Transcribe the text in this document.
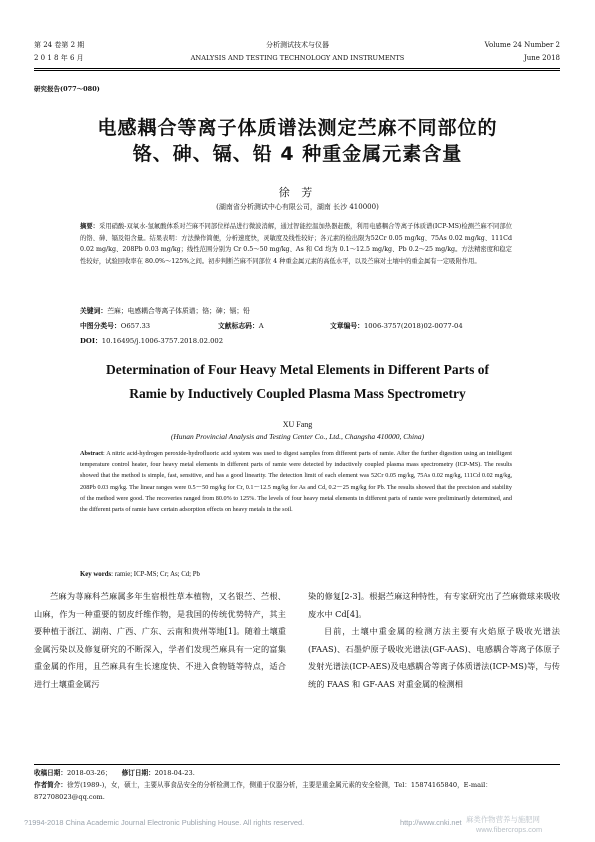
第 24 卷第 2 期
2 0 1 8 年 6 月
分析测试技术与仪器
ANALYSIS AND TESTING TECHNOLOGY AND INSTRUMENTS
Volume 24 Number 2
June 2018
研究报告(077～080)
电感耦合等离子体质谱法测定苎麻不同部位的
铬、砷、镉、铅 4 种重金属元素含量
徐 芳
(湖南省分析测试中心有限公司，湖南 长沙 410000)
摘要：采用硝酸-双氧水-氢氟酸体系对苎麻不同部位样品进行微波消解，通过智能控温加热器赶酸，利用电感耦合等离子体质谱(ICP-MS)检测苎麻不同部位的铬、砷、镉及铅含量。结果表明：方法操作简便，分析速度快，灵敏度及线性较好；各元素的检出限为52Cr 0.05 mg/kg、75As 0.02 mg/kg、111Cd 0.02 mg/kg、208Pb 0.03 mg/kg；线性范围分别为 Cr 0.5～50 mg/kg、As 和 Cd 均为 0.1～12.5 mg/kg、Pb 0.2～25 mg/kg。方法精密度和稳定性较好，试验回收率在 80.0%～125%之间。初步判断苎麻不同部位 4 种重金属元素的高低水平，以及苎麻对土壤中的重金属有一定吸附作用。
关键词：苎麻；电感耦合等离子体质谱；铬；砷；镉；铅
中图分类号：O657.33	文献标志码：A	文章编号：1006-3757(2018)02-0077-04
DOI：10.16495/j.1006-3757.2018.02.002
Determination of Four Heavy Metal Elements in Different Parts of
Ramie by Inductively Coupled Plasma Mass Spectrometry
XU Fang
(Hunan Provincial Analysis and Testing Center Co., Ltd., Changsha 410000, China)
Abstract: A nitric acid-hydrogen peroxide-hydrofluoric acid system was used to digest samples from different parts of ramie. After the further digestion using an intelligent temperature control heater, four heavy metal elements in different parts of ramie were detected by inductively coupled plasma mass spectrometry (ICP-MS). The results showed that the method is simple, fast, sensitive, and has a good linearity. The detection limit of each element was 52Cr 0.05 mg/kg, 75As 0.02 mg/kg, 111Cd 0.02 mg/kg, 208Pb 0.03 mg/kg. The linear ranges were 0.5～50 mg/kg for Cr, 0.1～12.5 mg/kg for As and Cd, 0.2～25 mg/kg for Pb. The results showed that the precision and stability of the method were good. The recoveries ranged from 80.0% to 125%. The levels of four heavy metal elements in different parts of ramie were preliminarily determined, and the different parts of ramie have certain adsorption effects on heavy metals in the soil.
Key words: ramie; ICP-MS; Cr; As; Cd; Pb
苎麻为荨麻科苎麻属多年生宿根性草本植物，又名银苎、苎根、山麻，作为一种重要的韧皮纤维作物，是我国的传统优势特产，其主要种植于浙江、湖南、广西、广东、云南和贵州等地[1]。随着土壤重金属污染以及修复研究的不断深入，学者们发现苎麻具有一定的富集重金属的作用，且苎麻具有生长速度快、不进入食物链等特点，适合进行土壤重金属污

染的修复[2-3]。根据苎麻这种特性，有专家研究出了苎麻微球来吸收废水中 Cd[4]。

目前，土壤中重金属的检测方法主要有火焰原子吸收光谱法(FAAS)、石墨炉原子吸收光谱法(GF-AAS)、电感耦合等离子体原子发射光谱法(ICP-AES)及电感耦合等离子体质谱法(ICP-MS)等，与传统的 FAAS 和 GF-AAS 对重金属的检测相

收稿日期：2018-03-26； 修订日期：2018-04-23.
作者简介：徐芳(1989-)，女，硕士，主要从事食品安全的分析检测工作，侧重于仪器分析，主要是重金属元素的安全检测，Tel：15874165840，E-mail：872708023@qq.com.
?1994-2018 China Academic Journal Electronic Publishing House. All rights reserved.	http://www.cnki.net 麻类作物营养与施肥网
www.fibercrops.com
